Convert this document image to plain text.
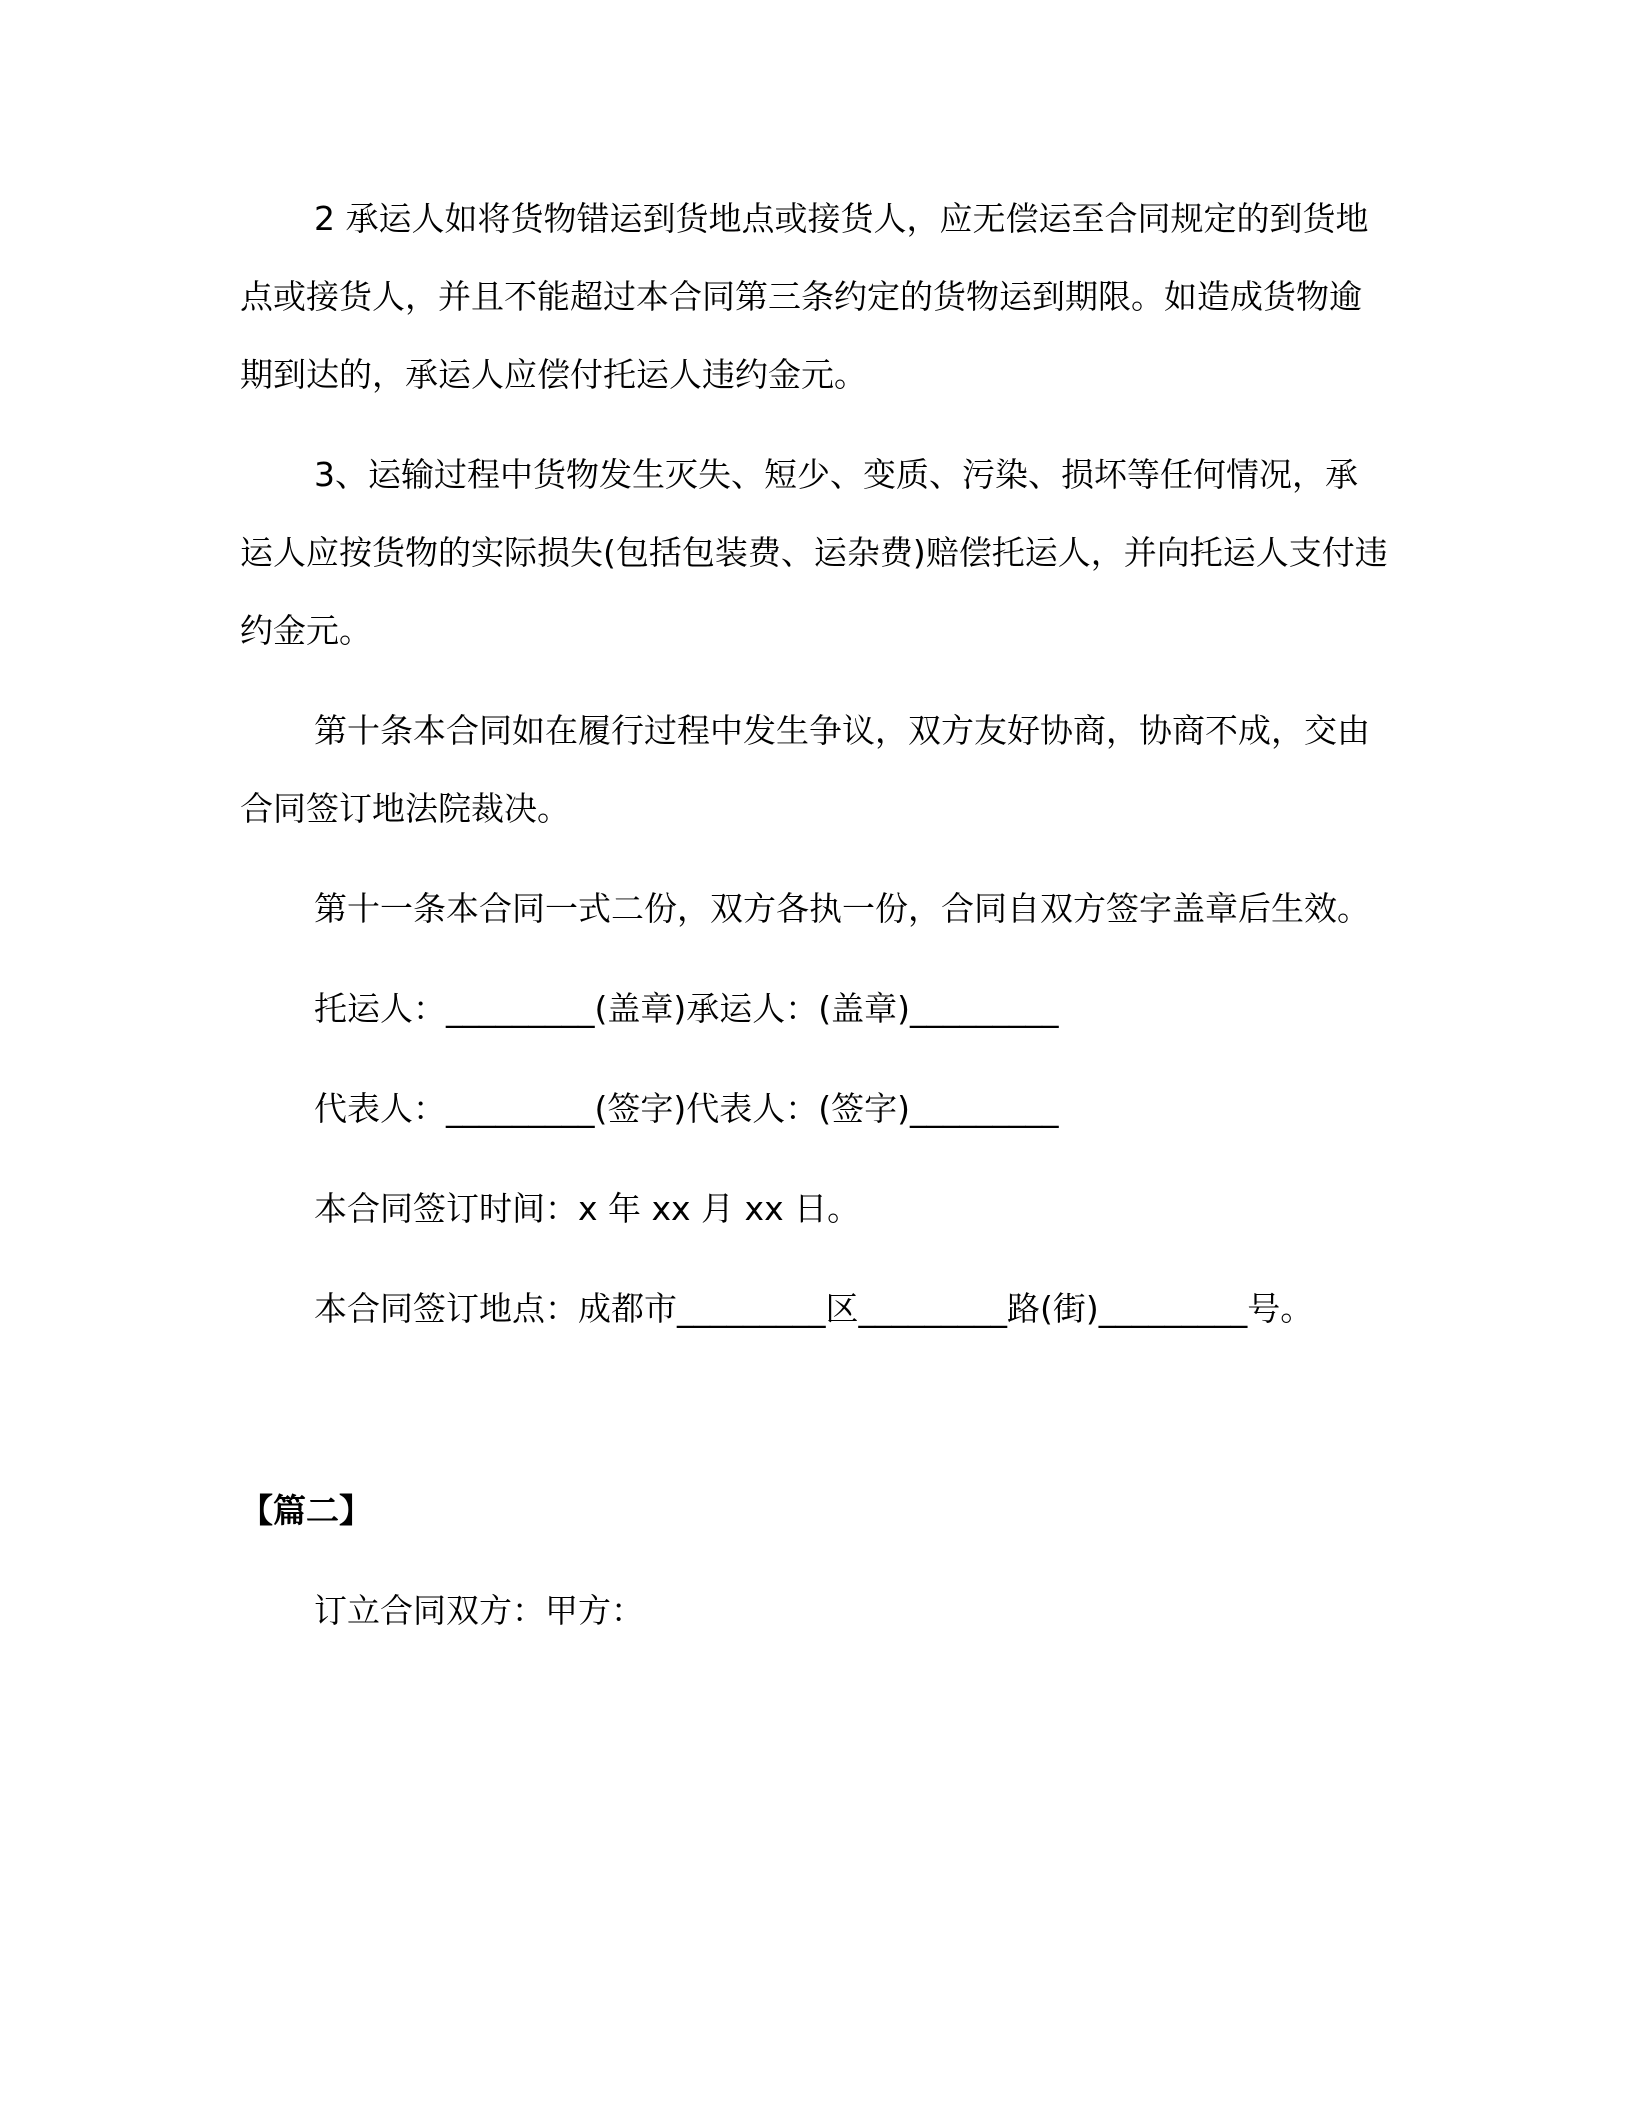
2 承运人如将货物错运到货地点或接货人，应无偿运至合同规定的到货地点或接货人，并且不能超过本合同第三条约定的货物运到期限。如造成货物逾期到达的，承运人应偿付托运人违约金元。

3、运输过程中货物发生灭失、短少、变质、污染、损坏等任何情况，承运人应按货物的实际损失(包括包装费、运杂费)赔偿托运人，并向托运人支付违约金元。

第十条本合同如在履行过程中发生争议，双方友好协商，协商不成，交由合同签订地法院裁决。

第十一条本合同一式二份，双方各执一份，合同自双方签字盖章后生效。

托运人：_________(盖章)承运人：(盖章)_________

代表人：_________(签字)代表人：(签字)_________

本合同签订时间：x 年 xx 月 xx 日。

本合同签订地点：成都市_________区_________路(街)_________号。

【篇二】

订立合同双方：甲方：
